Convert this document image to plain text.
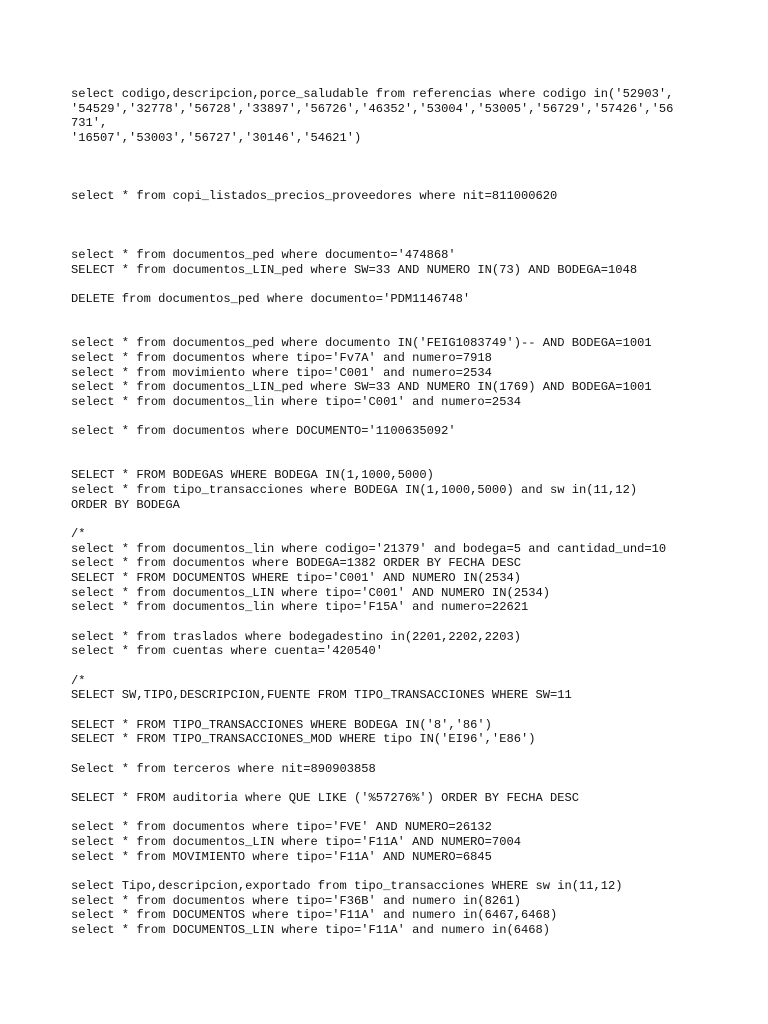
select codigo,descripcion,porce_saludable from referencias where codigo in('52903',

'54529','32778','56728','33897','56726','46352','53004','53005','56729','57426','56

731',

'16507','53003','56727','30146','54621')

select * from copi_listados_precios_proveedores where nit=811000620

select * from documentos_ped where documento='474868'

SELECT * from documentos_LIN_ped where SW=33 AND NUMERO IN(73) AND BODEGA=1048

DELETE from documentos_ped where documento='PDM1146748'

select * from documentos_ped where documento IN('FEIG1083749')-- AND BODEGA=1001

select * from documentos where tipo='Fv7A' and numero=7918

select * from movimiento where tipo='C001' and numero=2534

select * from documentos_LIN_ped where SW=33 AND NUMERO IN(1769) AND BODEGA=1001

select * from documentos_lin where tipo='C001' and numero=2534

select * from documentos where DOCUMENTO='1100635092'

SELECT * FROM BODEGAS WHERE BODEGA IN(1,1000,5000)

select * from tipo_transacciones where BODEGA IN(1,1000,5000) and sw in(11,12)

ORDER BY BODEGA

/*

select * from documentos_lin where codigo='21379' and bodega=5 and cantidad_und=10

select * from documentos where BODEGA=1382 ORDER BY FECHA DESC

SELECT * FROM DOCUMENTOS WHERE tipo='C001' AND NUMERO IN(2534)

select * from documentos_LIN where tipo='C001' AND NUMERO IN(2534)

select * from documentos_lin where tipo='F15A' and numero=22621

select * from traslados where bodegadestino in(2201,2202,2203)

select * from cuentas where cuenta='420540'

/*

SELECT SW,TIPO,DESCRIPCION,FUENTE FROM TIPO_TRANSACCIONES WHERE SW=11

SELECT * FROM TIPO_TRANSACCIONES WHERE BODEGA IN('8','86')

SELECT * FROM TIPO_TRANSACCIONES_MOD WHERE tipo IN('EI96','E86')

Select * from terceros where nit=890903858

SELECT * FROM auditoria where QUE LIKE ('%57276%') ORDER BY FECHA DESC

select * from documentos where tipo='FVE' AND NUMERO=26132

select * from documentos_LIN where tipo='F11A' AND NUMERO=7004

select * from MOVIMIENTO where tipo='F11A' AND NUMERO=6845

select Tipo,descripcion,exportado from tipo_transacciones WHERE sw in(11,12)

select * from documentos where tipo='F36B' and numero in(8261)

select * from DOCUMENTOS where tipo='F11A' and numero in(6467,6468)

select * from DOCUMENTOS_LIN where tipo='F11A' and numero in(6468)
